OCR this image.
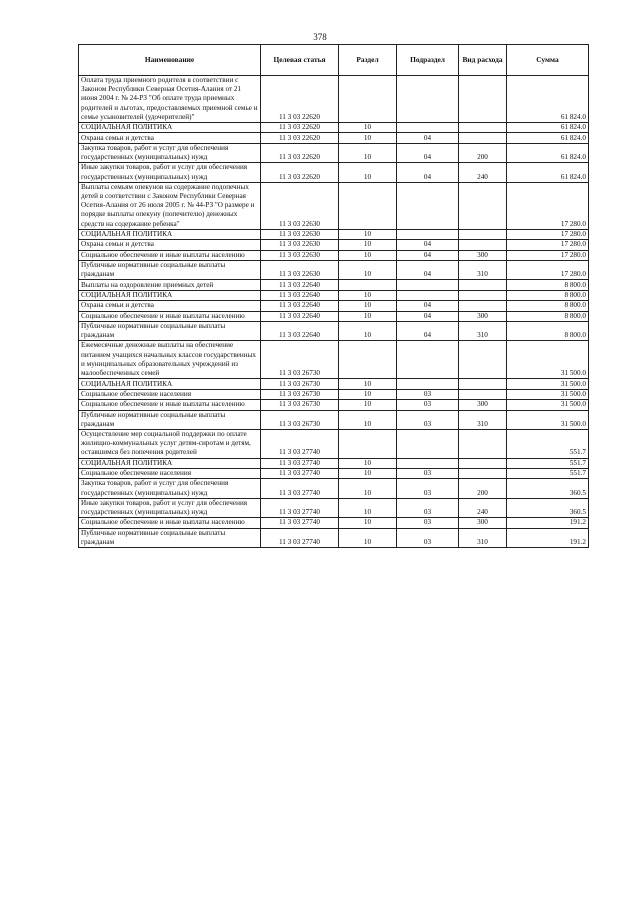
378
Наименование	Целевая статья	Раздел	Подраздел	Вид расхода	Сумма

Оплата труда приемного родителя в соответствии с Законом Республики Северная Осетия-Алания от 21 июня 2004 г. № 24-РЗ "Об оплате труда приемных родителей и льготах, предоставляемых приемной семье и семье усыновителей (удочерителей)"	11 3 03 22620				61 824.0

СОЦИАЛЬНАЯ ПОЛИТИКА	11 3 03 22620	10			61 824.0

Охрана семьи и детства	11 3 03 22620	10	04		61 824.0

Закупка товаров, работ и услуг для обеспечения государственных (муниципальных) нужд	11 3 03 22620	10	04	200	61 824.0

Иные закупки товаров, работ и услуг для обеспечения государственных (муниципальных) нужд	11 3 03 22620	10	04	240	61 824.0

Выплаты семьям опекунов на содержание подопечных детей в соответствии с Законом Республики Северная Осетия-Алания от 26 июля 2005 г. № 44-РЗ "О размере и порядке выплаты опекуну (попечителю) денежных средств на содержание ребенка"	11 3 03 22630				17 280.0

СОЦИАЛЬНАЯ ПОЛИТИКА	11 3 03 22630	10			17 280.0

Охрана семьи и детства	11 3 03 22630	10	04		17 280.0

Социальное обеспечение и иные выплаты населению	11 3 03 22630	10	04	300	17 280.0

Публичные нормативные социальные выплаты гражданам	11 3 03 22630	10	04	310	17 280.0

Выплаты на оздоровление приемных детей	11 3 03 22640				8 800.0

СОЦИАЛЬНАЯ ПОЛИТИКА	11 3 03 22640	10			8 800.0

Охрана семьи и детства	11 3 03 22640	10	04		8 800.0

Социальное обеспечение и иные выплаты населению	11 3 03 22640	10	04	300	8 800.0

Публичные нормативные социальные выплаты гражданам	11 3 03 22640	10	04	310	8 800.0

Ежемесячные денежные выплаты на обеспечение питанием учащихся начальных классов государственных и муниципальных образовательных учреждений из малообеспеченных семей	11 3 03 26730				31 500.0

СОЦИАЛЬНАЯ ПОЛИТИКА	11 3 03 26730	10			31 500.0

Социальное обеспечение населения	11 3 03 26730	10	03		31 500.0

Социальное обеспечение и иные выплаты населению	11 3 03 26730	10	03	300	31 500.0

Публичные нормативные социальные выплаты гражданам	11 3 03 26730	10	03	310	31 500.0

Осуществление мер социальной поддержки по оплате жилищно-коммунальных услуг детям-сиротам и детям, оставшимся без попечения родителей	11 3 03 27740				551.7

СОЦИАЛЬНАЯ ПОЛИТИКА	11 3 03 27740	10			551.7

Социальное обеспечение населения	11 3 03 27740	10	03		551.7

Закупка товаров, работ и услуг для обеспечения государственных (муниципальных) нужд	11 3 03 27740	10	03	200	360.5

Иные закупки товаров, работ и услуг для обеспечения государственных (муниципальных) нужд	11 3 03 27740	10	03	240	360.5

Социальное обеспечение и иные выплаты населению	11 3 03 27740	10	03	300	191.2

Публичные нормативные социальные выплаты гражданам	11 3 03 27740	10	03	310	191.2
